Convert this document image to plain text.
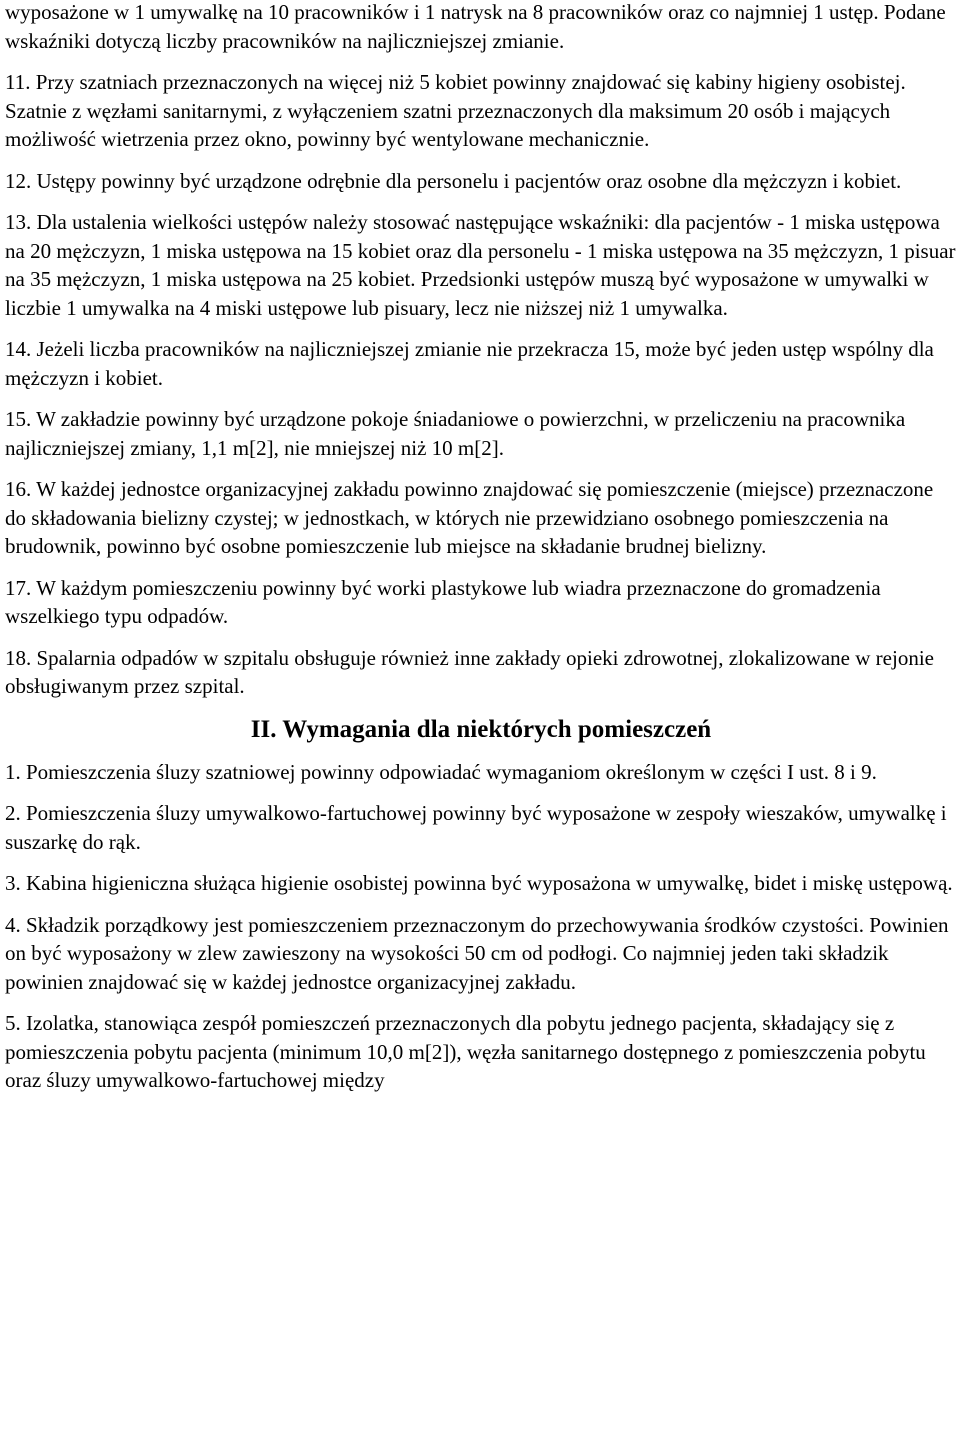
wyposażone w 1 umywalkę na 10 pracowników i 1 natrysk na 8 pracowników oraz co najmniej 1 ustęp. Podane wskaźniki dotyczą liczby pracowników na najliczniejszej zmianie.

11. Przy szatniach przeznaczonych na więcej niż 5 kobiet powinny znajdować się kabiny higieny osobistej. Szatnie z węzłami sanitarnymi, z wyłączeniem szatni przeznaczonych dla maksimum 20 osób i mających możliwość wietrzenia przez okno, powinny być wentylowane mechanicznie.

12. Ustępy powinny być urządzone odrębnie dla personelu i pacjentów oraz osobne dla mężczyzn i kobiet.

13. Dla ustalenia wielkości ustępów należy stosować następujące wskaźniki: dla pacjentów - 1 miska ustępowa na 20 mężczyzn, 1 miska ustępowa na 15 kobiet oraz dla personelu - 1 miska ustępowa na 35 mężczyzn, 1 pisuar na 35 mężczyzn, 1 miska ustępowa na 25 kobiet. Przedsionki ustępów muszą być wyposażone w umywalki w liczbie 1 umywalka na 4 miski ustępowe lub pisuary, lecz nie niższej niż 1 umywalka.

14. Jeżeli liczba pracowników na najliczniejszej zmianie nie przekracza 15, może być jeden ustęp wspólny dla mężczyzn i kobiet.

15. W zakładzie powinny być urządzone pokoje śniadaniowe o powierzchni, w przeliczeniu na pracownika najliczniejszej zmiany, 1,1 m[2], nie mniejszej niż 10 m[2].

16. W każdej jednostce organizacyjnej zakładu powinno znajdować się pomieszczenie (miejsce) przeznaczone do składowania bielizny czystej; w jednostkach, w których nie przewidziano osobnego pomieszczenia na brudownik, powinno być osobne pomieszczenie lub miejsce na składanie brudnej bielizny.

17. W każdym pomieszczeniu powinny być worki plastykowe lub wiadra przeznaczone do gromadzenia wszelkiego typu odpadów.

18. Spalarnia odpadów w szpitalu obsługuje również inne zakłady opieki zdrowotnej, zlokalizowane w rejonie obsługiwanym przez szpital.

II. Wymagania dla niektórych pomieszczeń

1. Pomieszczenia śluzy szatniowej powinny odpowiadać wymaganiom określonym w części I ust. 8 i 9.

2. Pomieszczenia śluzy umywalkowo-fartuchowej powinny być wyposażone w zespoły wieszaków, umywalkę i suszarkę do rąk.

3. Kabina higieniczna służąca higienie osobistej powinna być wyposażona w umywalkę, bidet i miskę ustępową.

4. Składzik porządkowy jest pomieszczeniem przeznaczonym do przechowywania środków czystości. Powinien on być wyposażony w zlew zawieszony na wysokości 50 cm od podłogi. Co najmniej jeden taki składzik powinien znajdować się w każdej jednostce organizacyjnej zakładu.

5. Izolatka, stanowiąca zespół pomieszczeń przeznaczonych dla pobytu jednego pacjenta, składający się z pomieszczenia pobytu pacjenta (minimum 10,0 m[2]), węzła sanitarnego dostępnego z pomieszczenia pobytu oraz śluzy umywalkowo-fartuchowej między
